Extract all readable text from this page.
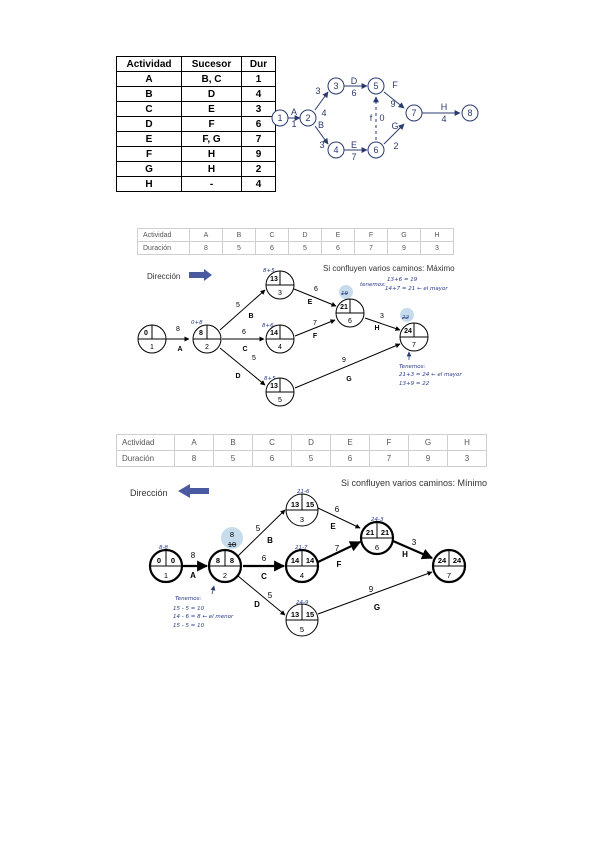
Actividad	Sucesor	Dur
A	B, C	1
B	D	4
C	E	3
D	F	6
E	F, G	7
F	H	9
G	H	2
H	-	4
1	2
3
4
5
6
7	8
A
1
3
4
B
3
D
6
E
7
f 0
F
9
G
2
H
4
Actividad	A	B	C	D	E	F	G	H
Duración	8	5	6	5	6	7	9	3
Dirección
Si confluyen varios caminos: Máximo
0
1
8
2
13
3
14
4
13
5
21
6
24
7
8
A
5
B
6
C
5
D
6
E
7
F
3
H
9
G
0+8
8+5
8+6
8+5
19
tenemos:
13+6 = 19
14+7 = 21 ← el mayor
22
Tenemos:
21+3 = 24 ← el mayor
13+9 = 22
Actividad	A	B	C	D	E	F	G	H
Duración	8	5	6	5	6	7	9	3
Dirección
Si confluyen varios caminos: Mínimo
0 0	8 8
13 15
14 14
13 15
21 21
24 24
1	2
3
4
5
6
7
8
A
5
B
6
C
5
D
6
E
7
F
3
H
9
G
8-8
21-6
21-7
24-9
24-3
Tenemos:
15 - 5 = 10
14 - 6 = 8 ← el menor
15 - 5 = 10
8
10
